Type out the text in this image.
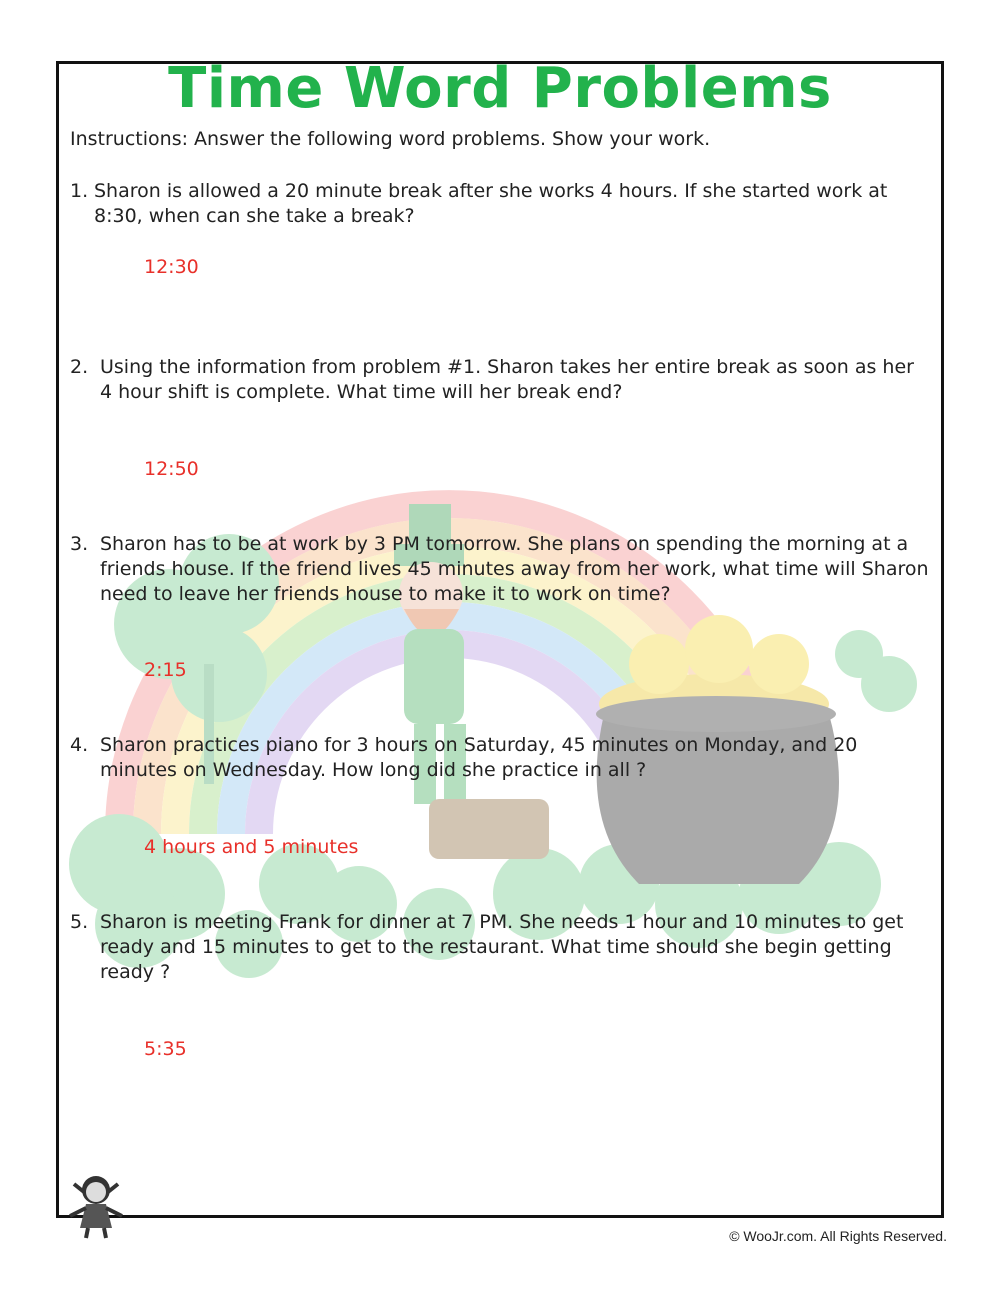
Time Word Problems

Instructions: Answer the following word problems. Show your work.

1. Sharon is allowed a 20 minute break after she works 4 hours. If she started work at 8:30, when can she take a break?

12:30

2. Using the information from problem #1. Sharon takes her entire break as soon as her 4 hour shift is complete. What time will her break end?

12:50

3. Sharon has to be at work by 3 PM tomorrow. She plans on spending the morning at a friends house. If the friend lives 45 minutes away from her work, what time will Sharon need to leave her friends house to make it to work on time?

2:15

4. Sharon practices piano for 3 hours on Saturday, 45 minutes on Monday, and 20 minutes on Wednesday. How long did she practice in all ?

4 hours and 5 minutes

5. Sharon is meeting Frank for dinner at 7 PM. She needs 1 hour and 10 minutes to get ready and 15 minutes to get to the restaurant. What time should she begin getting ready ?

5:35

© WooJr.com. All Rights Reserved.
